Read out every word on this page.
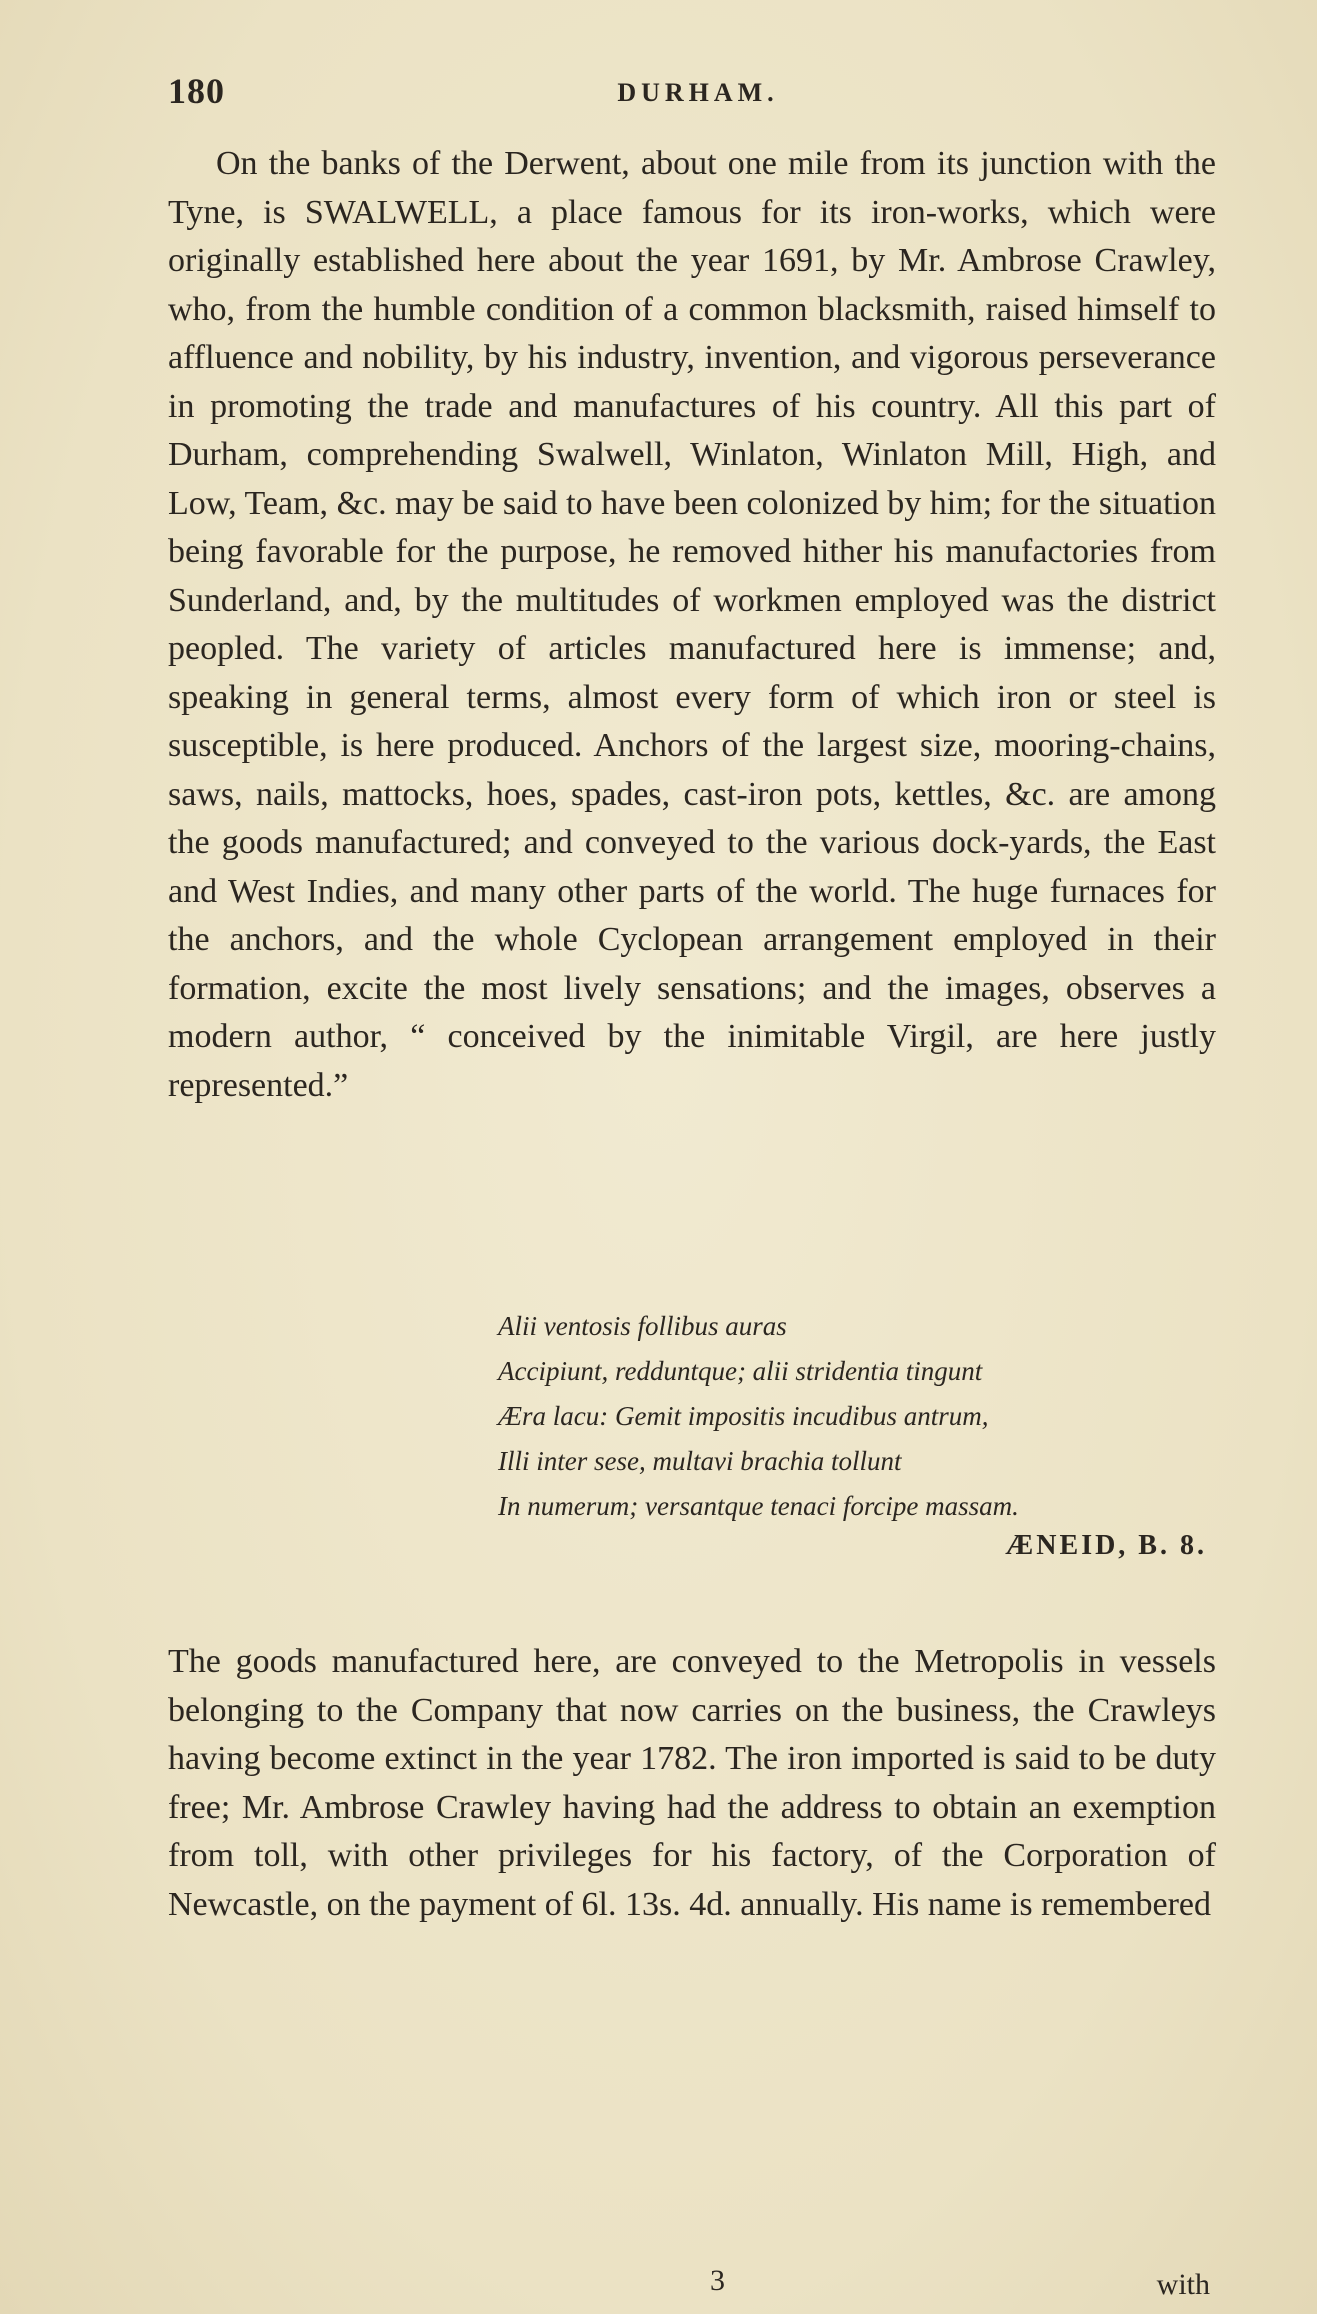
180	DURHAM.

On the banks of the Derwent, about one mile from its junction with the Tyne, is SWALWELL, a place famous for its iron-works, which were originally established here about the year 1691, by Mr. Ambrose Crawley, who, from the humble condition of a common blacksmith, raised himself to affluence and nobility, by his industry, invention, and vigorous perseverance in promoting the trade and manufactures of his country. All this part of Durham, comprehending Swalwell, Winlaton, Winlaton Mill, High, and Low, Team, &c. may be said to have been colonized by him; for the situation being favorable for the purpose, he removed hither his manufactories from Sunderland, and, by the multitudes of workmen employed was the district peopled. The variety of articles manufactured here is immense; and, speaking in general terms, almost every form of which iron or steel is susceptible, is here produced. Anchors of the largest size, mooring-chains, saws, nails, mattocks, hoes, spades, cast-iron pots, kettles, &c. are among the goods manufactured; and conveyed to the various dock-yards, the East and West Indies, and many other parts of the world. The huge furnaces for the anchors, and the whole Cyclopean arrangement employed in their formation, excite the most lively sensations; and the images, observes a modern author, “ conceived by the inimitable Virgil, are here justly represented.”

Alii ventosis follibus auras
Accipiunt, redduntque; alii stridentia tingunt
Æra lacu: Gemit impositis incudibus antrum,
Illi inter sese, multavi brachia tollunt
In numerum; versantque tenaci forcipe massam.
ÆNEID, B. 8.

The goods manufactured here, are conveyed to the Metropolis in vessels belonging to the Company that now carries on the business, the Crawleys having become extinct in the year 1782. The iron imported is said to be duty free; Mr. Ambrose Crawley having had the address to obtain an exemption from toll, with other privileges for his factory, of the Corporation of Newcastle, on the payment of 6l. 13s. 4d. annually. His name is remembered

3	with
